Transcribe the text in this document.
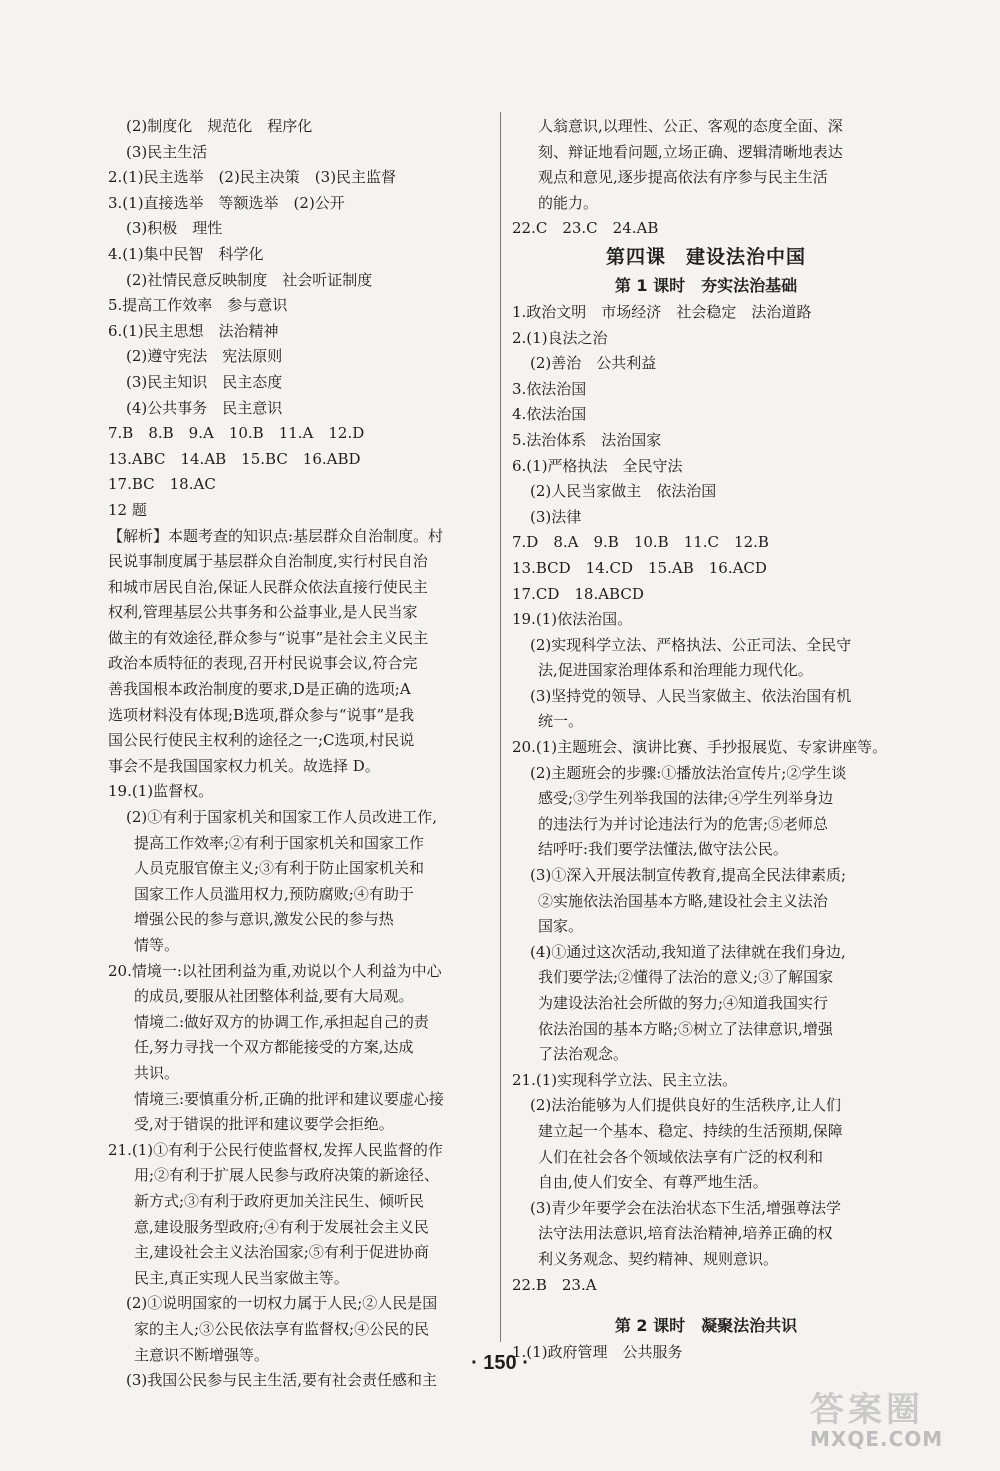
(2)制度化　规范化　程序化
(3)民主生活
2.(1)民主选举　(2)民主决策　(3)民主监督
3.(1)直接选举　等额选举　(2)公开
(3)积极　理性
4.(1)集中民智　科学化
(2)社情民意反映制度　社会听证制度
5.提高工作效率　参与意识
6.(1)民主思想　法治精神
(2)遵守宪法　宪法原则
(3)民主知识　民主态度
(4)公共事务　民主意识
7.B　8.B　9.A　10.B　11.A　12.D
13.ABC　14.AB　15.BC　16.ABD
17.BC　18.AC
12 题
【解析】本题考查的知识点:基层群众自治制度。村
民说事制度属于基层群众自治制度,实行村民自治
和城市居民自治,保证人民群众依法直接行使民主
权利,管理基层公共事务和公益事业,是人民当家
做主的有效途径,群众参与“说事”是社会主义民主
政治本质特征的表现,召开村民说事会议,符合完
善我国根本政治制度的要求,D是正确的选项;A
选项材料没有体现;B选项,群众参与“说事”是我
国公民行使民主权利的途径之一;C选项,村民说
事会不是我国国家权力机关。故选择 D。
19.(1)监督权。
(2)①有利于国家机关和国家工作人员改进工作,
提高工作效率;②有利于国家机关和国家工作
人员克服官僚主义;③有利于防止国家机关和
国家工作人员滥用权力,预防腐败;④有助于
增强公民的参与意识,激发公民的参与热
情等。
20.情境一:以社团利益为重,劝说以个人利益为中心
的成员,要服从社团整体利益,要有大局观。
情境二:做好双方的协调工作,承担起自己的责
任,努力寻找一个双方都能接受的方案,达成
共识。
情境三:要慎重分析,正确的批评和建议要虚心接
受,对于错误的批评和建议要学会拒绝。
21.(1)①有利于公民行使监督权,发挥人民监督的作
用;②有利于扩展人民参与政府决策的新途径、
新方式;③有利于政府更加关注民生、倾听民
意,建设服务型政府;④有利于发展社会主义民
主,建设社会主义法治国家;⑤有利于促进协商
民主,真正实现人民当家做主等。
(2)①说明国家的一切权力属于人民;②人民是国
家的主人;③公民依法享有监督权;④公民的民
主意识不断增强等。
(3)我国公民参与民主生活,要有社会责任感和主
人翁意识,以理性、公正、客观的态度全面、深
刻、辩证地看问题,立场正确、逻辑清晰地表达
观点和意见,逐步提高依法有序参与民主生活
的能力。
22.C　23.C　24.AB
第四课　建设法治中国
第 1 课时　夯实法治基础
1.政治文明　市场经济　社会稳定　法治道路
2.(1)良法之治
(2)善治　公共利益
3.依法治国
4.依法治国
5.法治体系　法治国家
6.(1)严格执法　全民守法
(2)人民当家做主　依法治国
(3)法律
7.D　8.A　9.B　10.B　11.C　12.B
13.BCD　14.CD　15.AB　16.ACD
17.CD　18.ABCD
19.(1)依法治国。
(2)实现科学立法、严格执法、公正司法、全民守
法,促进国家治理体系和治理能力现代化。
(3)坚持党的领导、人民当家做主、依法治国有机
统一。
20.(1)主题班会、演讲比赛、手抄报展览、专家讲座等。
(2)主题班会的步骤:①播放法治宣传片;②学生谈
感受;③学生列举我国的法律;④学生列举身边
的违法行为并讨论违法行为的危害;⑤老师总
结呼吁:我们要学法懂法,做守法公民。
(3)①深入开展法制宣传教育,提高全民法律素质;
②实施依法治国基本方略,建设社会主义法治
国家。
(4)①通过这次活动,我知道了法律就在我们身边,
我们要学法;②懂得了法治的意义;③了解国家
为建设法治社会所做的努力;④知道我国实行
依法治国的基本方略;⑤树立了法律意识,增强
了法治观念。
21.(1)实现科学立法、民主立法。
(2)法治能够为人们提供良好的生活秩序,让人们
建立起一个基本、稳定、持续的生活预期,保障
人们在社会各个领域依法享有广泛的权利和
自由,使人们安全、有尊严地生活。
(3)青少年要学会在法治状态下生活,增强尊法学
法守法用法意识,培育法治精神,培养正确的权
利义务观念、契约精神、规则意识。
22.B　23.A
第 2 课时　凝聚法治共识
1.(1)政府管理　公共服务
· 150 ·
答案圈
MXQE.COM
